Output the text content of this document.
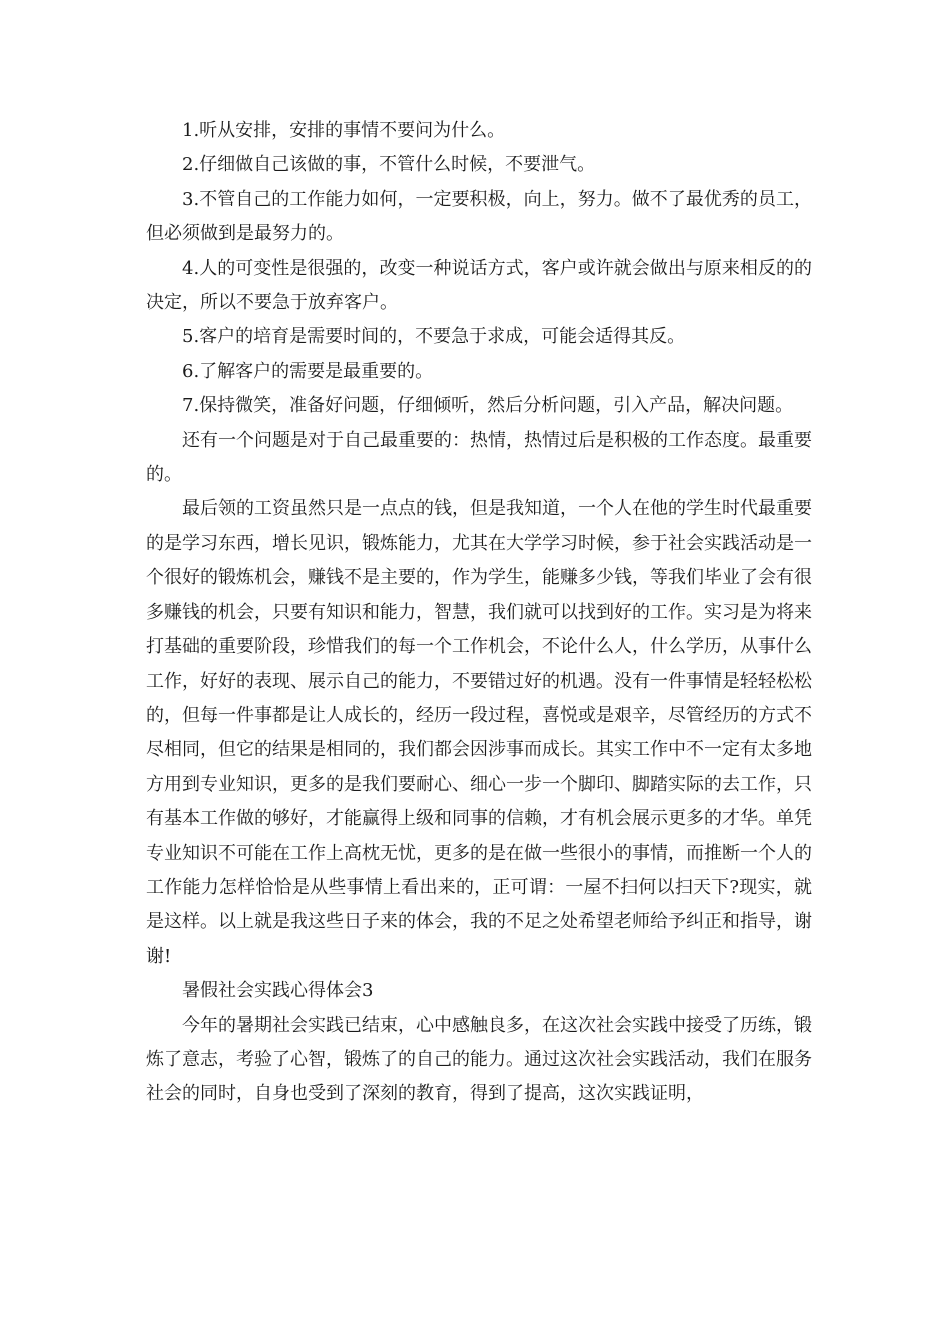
1.听从安排，安排的事情不要问为什么。

2.仔细做自己该做的事，不管什么时候，不要泄气。

3.不管自己的工作能力如何，一定要积极，向上，努力。做不了最优秀的员工，但必须做到是最努力的。

4.人的可变性是很强的，改变一种说话方式，客户或许就会做出与原来相反的的决定，所以不要急于放弃客户。

5.客户的培育是需要时间的，不要急于求成，可能会适得其反。

6.了解客户的需要是最重要的。

7.保持微笑，准备好问题，仔细倾听，然后分析问题，引入产品，解决问题。

还有一个问题是对于自己最重要的：热情，热情过后是积极的工作态度。最重要的。

最后领的工资虽然只是一点点的钱，但是我知道，一个人在他的学生时代最重要的是学习东西，增长见识，锻炼能力，尤其在大学学习时候，参于社会实践活动是一个很好的锻炼机会，赚钱不是主要的，作为学生，能赚多少钱，等我们毕业了会有很多赚钱的机会，只要有知识和能力，智慧，我们就可以找到好的工作。实习是为将来打基础的重要阶段，珍惜我们的每一个工作机会，不论什么人，什么学历，从事什么工作，好好的表现、展示自己的能力，不要错过好的机遇。没有一件事情是轻轻松松的，但每一件事都是让人成长的，经历一段过程，喜悦或是艰辛，尽管经历的方式不尽相同，但它的结果是相同的，我们都会因涉事而成长。其实工作中不一定有太多地方用到专业知识，更多的是我们要耐心、细心一步一个脚印、脚踏实际的去工作，只有基本工作做的够好，才能赢得上级和同事的信赖，才有机会展示更多的才华。单凭专业知识不可能在工作上高枕无忧，更多的是在做一些很小的事情，而推断一个人的工作能力怎样恰恰是从些事情上看出来的，正可谓：一屋不扫何以扫天下?现实，就是这样。以上就是我这些日子来的体会，我的不足之处希望老师给予纠正和指导，谢谢!

暑假社会实践心得体会3

今年的暑期社会实践已结束，心中感触良多，在这次社会实践中接受了历练，锻炼了意志，考验了心智，锻炼了的自己的能力。通过这次社会实践活动，我们在服务社会的同时，自身也受到了深刻的教育，得到了提高，这次实践证明，
